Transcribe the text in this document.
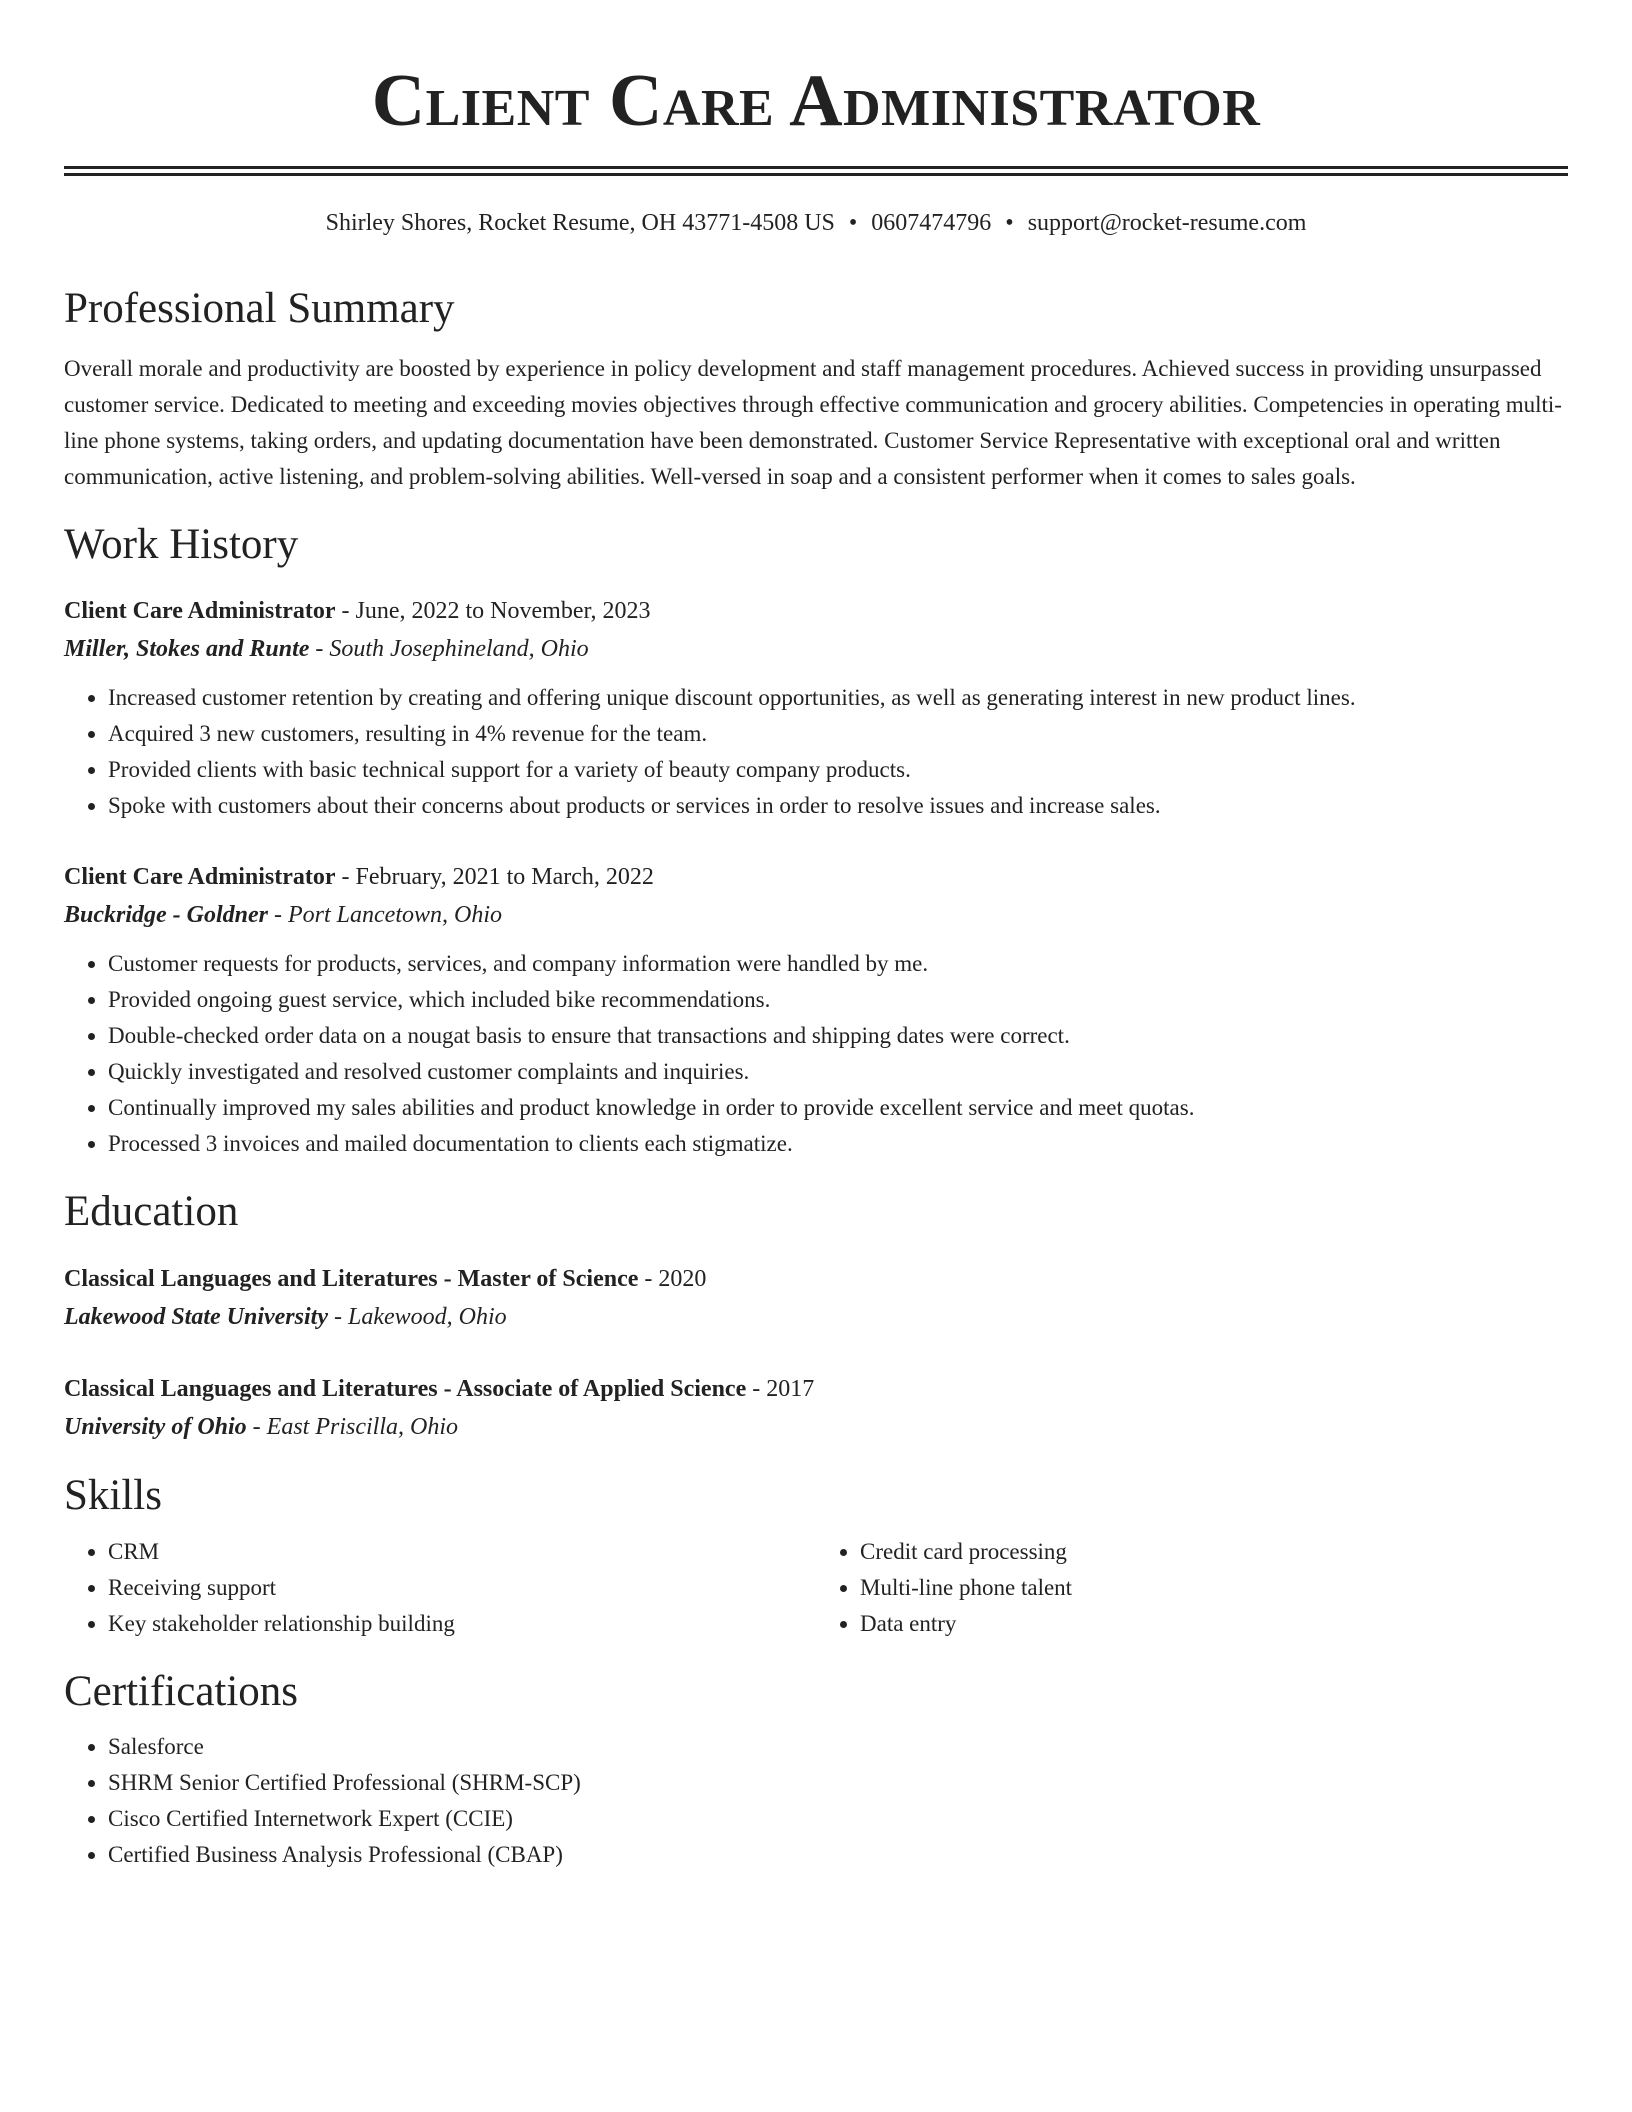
Client Care Administrator
Shirley Shores, Rocket Resume, OH 43771-4508 US • 0607474796 • support@rocket-resume.com
Professional Summary

Overall morale and productivity are boosted by experience in policy development and staff management procedures. Achieved success in providing unsurpassed customer service. Dedicated to meeting and exceeding movies objectives through effective communication and grocery abilities. Competencies in operating multi-line phone systems, taking orders, and updating documentation have been demonstrated. Customer Service Representative with exceptional oral and written communication, active listening, and problem-solving abilities. Well-versed in soap and a consistent performer when it comes to sales goals.

Work History
Client Care Administrator - June, 2022 to November, 2023
Miller, Stokes and Runte - South Josephineland, Ohio
• Increased customer retention by creating and offering unique discount opportunities, as well as generating interest in new product lines.
• Acquired 3 new customers, resulting in 4% revenue for the team.
• Provided clients with basic technical support for a variety of beauty company products.
• Spoke with customers about their concerns about products or services in order to resolve issues and increase sales.
Client Care Administrator - February, 2021 to March, 2022
Buckridge - Goldner - Port Lancetown, Ohio
• Customer requests for products, services, and company information were handled by me.
• Provided ongoing guest service, which included bike recommendations.
• Double-checked order data on a nougat basis to ensure that transactions and shipping dates were correct.
• Quickly investigated and resolved customer complaints and inquiries.
• Continually improved my sales abilities and product knowledge in order to provide excellent service and meet quotas.
• Processed 3 invoices and mailed documentation to clients each stigmatize.
Education
Classical Languages and Literatures - Master of Science - 2020
Lakewood State University - Lakewood, Ohio
Classical Languages and Literatures - Associate of Applied Science - 2017
University of Ohio - East Priscilla, Ohio
Skills
• CRM
• Receiving support
• Key stakeholder relationship building
• Credit card processing
• Multi-line phone talent
• Data entry
Certifications
• Salesforce
• SHRM Senior Certified Professional (SHRM-SCP)
• Cisco Certified Internetwork Expert (CCIE)
• Certified Business Analysis Professional (CBAP)
